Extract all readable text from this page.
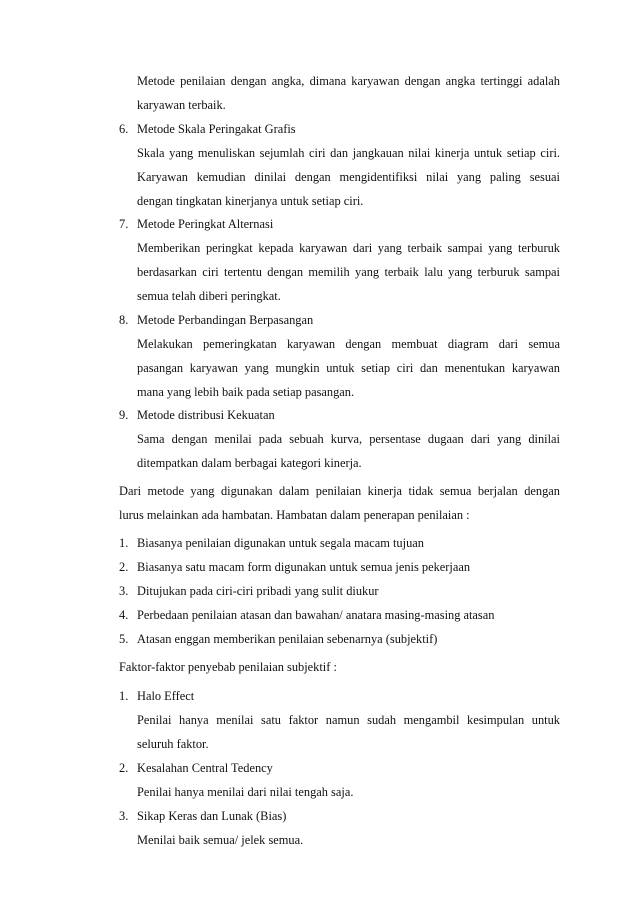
Metode penilaian dengan angka, dimana karyawan dengan angka tertinggi adalah
karyawan terbaik.
6. Metode Skala Peringakat Grafis
Skala yang menuliskan sejumlah ciri dan jangkauan nilai kinerja untuk setiap ciri.
Karyawan kemudian dinilai dengan mengidentifiksi nilai yang paling sesuai
dengan tingkatan kinerjanya untuk setiap ciri.
7. Metode Peringkat Alternasi
Memberikan peringkat kepada karyawan dari yang terbaik sampai yang terburuk
berdasarkan ciri tertentu dengan memilih yang terbaik lalu yang terburuk sampai
semua telah diberi peringkat.
8. Metode Perbandingan Berpasangan
Melakukan pemeringkatan karyawan dengan membuat diagram dari semua
pasangan karyawan yang mungkin untuk setiap ciri dan menentukan karyawan
mana yang lebih baik pada setiap pasangan.
9. Metode distribusi Kekuatan
Sama dengan menilai pada sebuah kurva, persentase dugaan dari yang dinilai
ditempatkan dalam berbagai kategori kinerja.
Dari metode yang digunakan dalam penilaian kinerja tidak semua berjalan dengan
lurus melainkan ada hambatan. Hambatan dalam penerapan penilaian :
1. Biasanya penilaian digunakan untuk segala macam tujuan
2. Biasanya satu macam form digunakan untuk semua jenis pekerjaan
3. Ditujukan pada ciri-ciri pribadi yang sulit diukur
4. Perbedaan penilaian atasan dan bawahan/ anatara masing-masing atasan
5. Atasan enggan memberikan penilaian sebenarnya (subjektif)
Faktor-faktor penyebab penilaian subjektif :
1. Halo Effect
Penilai hanya menilai satu faktor namun sudah mengambil kesimpulan untuk
seluruh faktor.
2. Kesalahan Central Tedency
Penilai hanya menilai dari nilai tengah saja.
3. Sikap Keras dan Lunak (Bias)
Menilai baik semua/ jelek semua.
